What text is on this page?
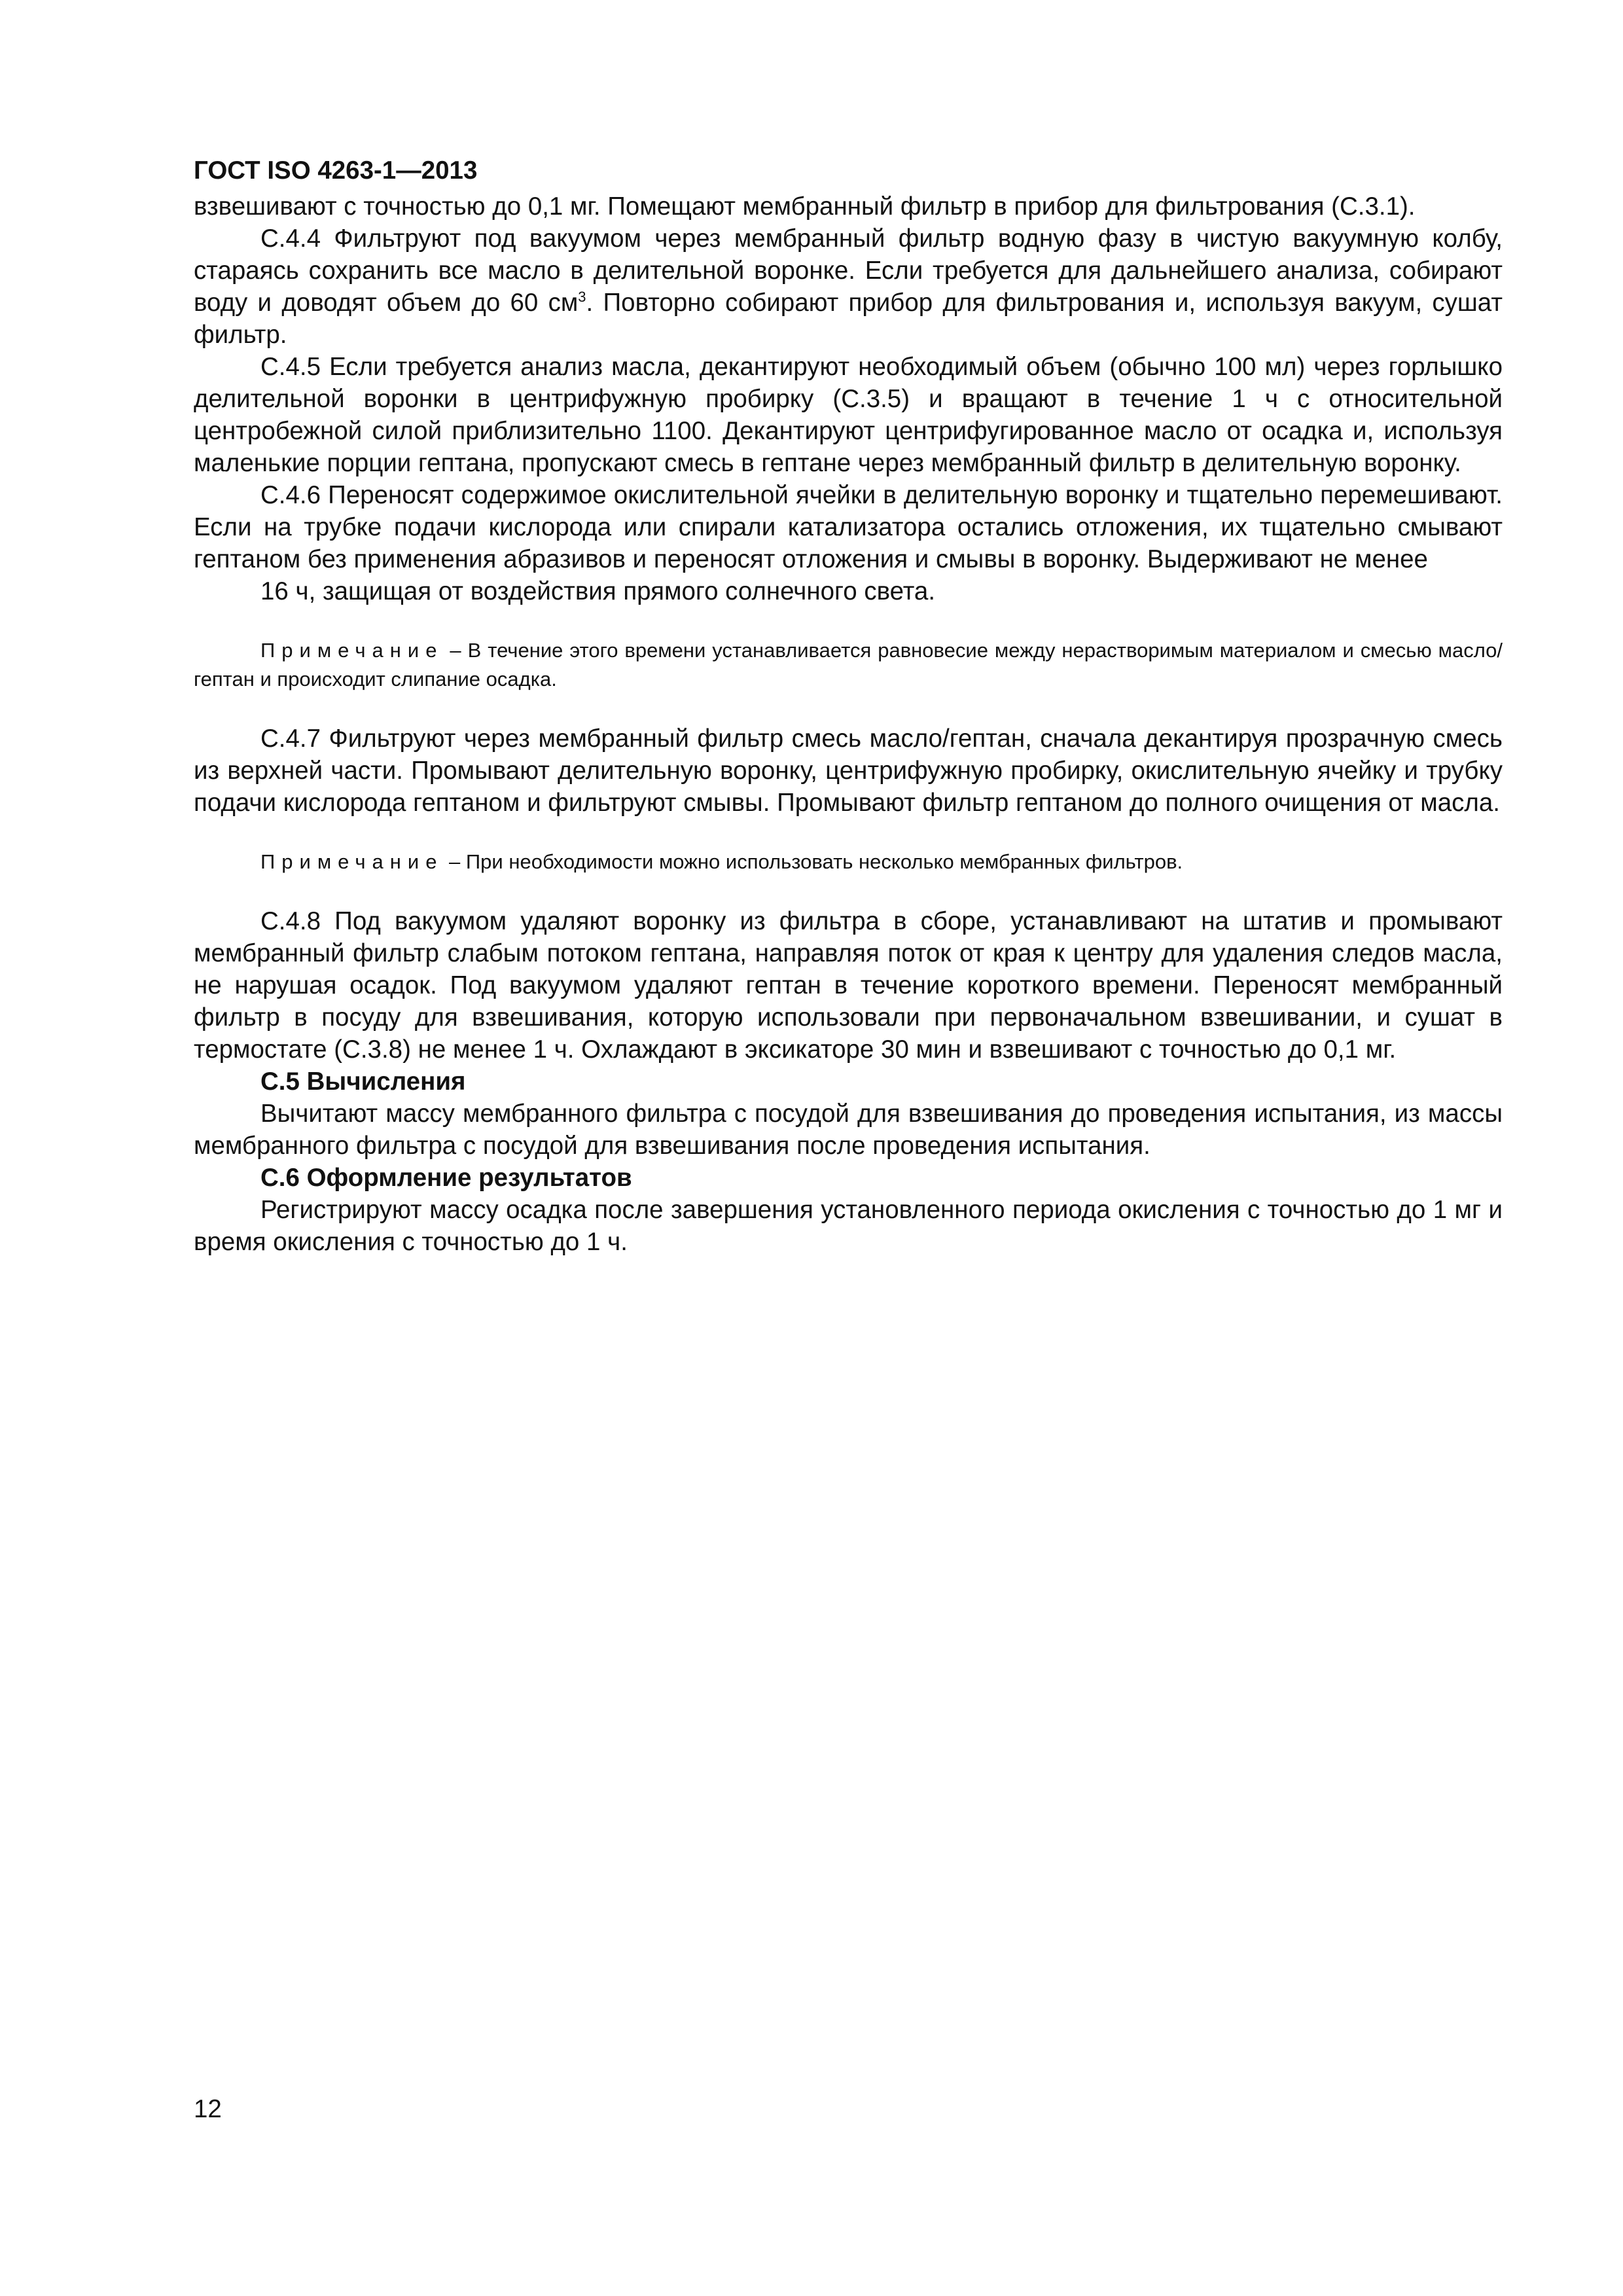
ГОСТ ISO 4263-1—2013

взвешивают с точностью до 0,1 мг. Помещают мембранный фильтр в прибор для фильтрования (С.3.1).

С.4.4 Фильтруют под вакуумом через мембранный фильтр водную фазу в чистую вакуумную колбу, стараясь сохранить все масло в делительной воронке. Если требуется для дальнейшего анализа, собирают воду и доводят объем до 60 $см^3$. Повторно собирают прибор для фильтрования и, используя вакуум, сушат фильтр.

С.4.5 Если требуется анализ масла, декантируют необходимый объем (обычно 100 мл) через горлышко делительной воронки в центрифужную пробирку (С.3.5) и вращают в течение 1 ч с относительной центробежной силой приблизительно 1100. Декантируют центрифугированное масло от осадка и, используя маленькие порции гептана, пропускают смесь в гептане через мембранный фильтр в делительную воронку.

С.4.6 Переносят содержимое окислительной ячейки в делительную воронку и тщательно перемешивают. Если на трубке подачи кислорода или спирали катализатора остались отложения, их тщательно смывают гептаном без применения абразивов и переносят отложения и смывы в воронку. Выдерживают не менее

16 ч, защищая от воздействия прямого солнечного света.

Примечание – В течение этого времени устанавливается равновесие между нерастворимым материалом и смесью масло/гептан и происходит слипание осадка.

С.4.7 Фильтруют через мембранный фильтр смесь масло/гептан, сначала декантируя прозрачную смесь из верхней части. Промывают делительную воронку, центрифужную пробирку, окислительную ячейку и трубку подачи кислорода гептаном и фильтруют смывы. Промывают фильтр гептаном до полного очищения от масла.

Примечание – При необходимости можно использовать несколько мембранных фильтров.

С.4.8 Под вакуумом удаляют воронку из фильтра в сборе, устанавливают на штатив и промывают мембранный фильтр слабым потоком гептана, направляя поток от края к центру для удаления следов масла, не нарушая осадок. Под вакуумом удаляют гептан в течение короткого времени. Переносят мембранный фильтр в посуду для взвешивания, которую использовали при первоначальном взвешивании, и сушат в термостате (С.3.8) не менее 1 ч. Охлаждают в эксикаторе 30 мин и взвешивают с точностью до 0,1 мг.

С.5 Вычисления

Вычитают массу мембранного фильтра с посудой для взвешивания до проведения испытания, из массы мембранного фильтра с посудой для взвешивания после проведения испытания.

С.6 Оформление результатов

Регистрируют массу осадка после завершения установленного периода окисления с точностью до 1 мг и время окисления с точностью до 1 ч.

12
